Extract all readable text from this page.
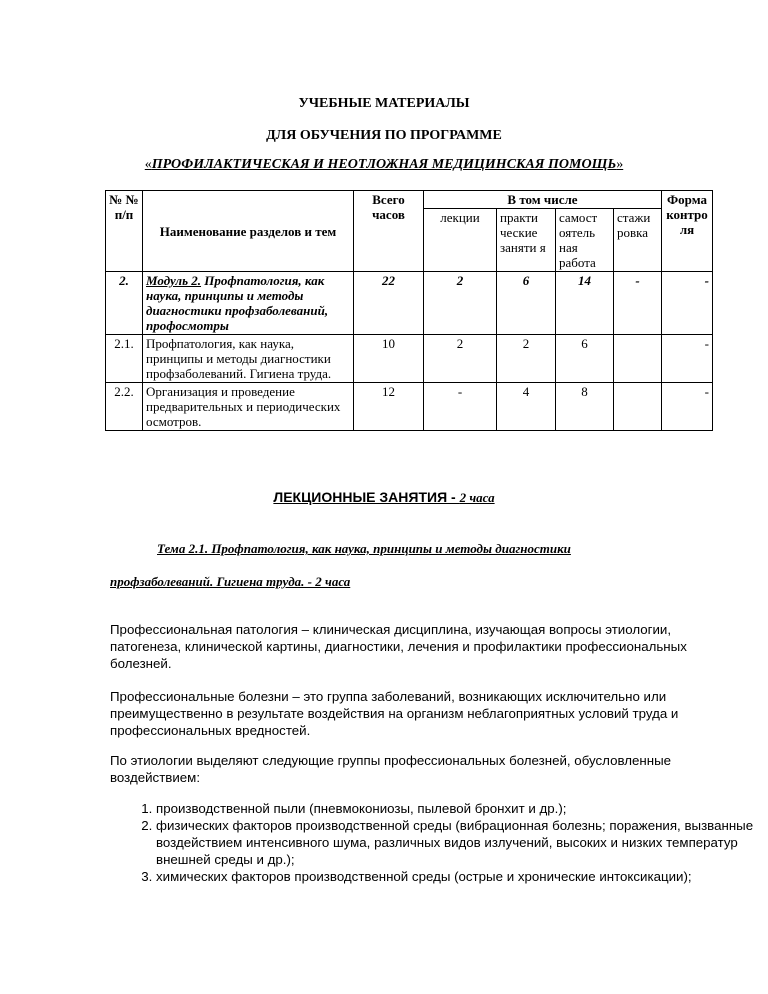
УЧЕБНЫЕ МАТЕРИАЛЫ
ДЛЯ ОБУЧЕНИЯ ПО ПРОГРАММЕ
«ПРОФИЛАКТИЧЕСКАЯ И НЕОТЛОЖНАЯ МЕДИЦИНСКАЯ ПОМОЩЬ»
№ № п/п	Наименование разделов и тем	Всего часов	В том числе				Форма контро ля
			лекции	практи ческие заняти я	самост оятель ная работа	стажи ровка	
2.	Модуль 2. Профпатология, как наука, принципы и методы диагностики профзаболеваний, профосмотры	22	2	6	14	-	-
2.1.	Профпатология, как наука, принципы и методы диагностики профзаболеваний. Гигиена труда.	10	2	2	6		-
2.2.	Организация и проведение предварительных и периодических осмотров.	12	-	4	8		-
ЛЕКЦИОННЫЕ ЗАНЯТИЯ - 2 часа
Тема 2.1. Профпатология, как наука, принципы и методы диагностики
профзаболеваний. Гигиена труда. - 2 часа
Профессиональная патология – клиническая дисциплина, изучающая вопросы этиологии, патогенеза, клинической картины, диагностики, лечения и профилактики профессиональных болезней.
Профессиональные болезни – это группа заболеваний, возникающих исключительно или преимущественно в результате воздействия на организм неблагоприятных условий труда и профессиональных вредностей.
По этиологии выделяют следующие группы профессиональных болезней, обусловленные воздействием:
1. производственной пыли (пневмокониозы, пылевой бронхит и др.);
2. физических факторов производственной среды (вибрационная болезнь; поражения, вызванные воздействием интенсивного шума, различных видов излучений, высоких и низких температур внешней среды и др.);
3. химических факторов производственной среды (острые и хронические интоксикации);
